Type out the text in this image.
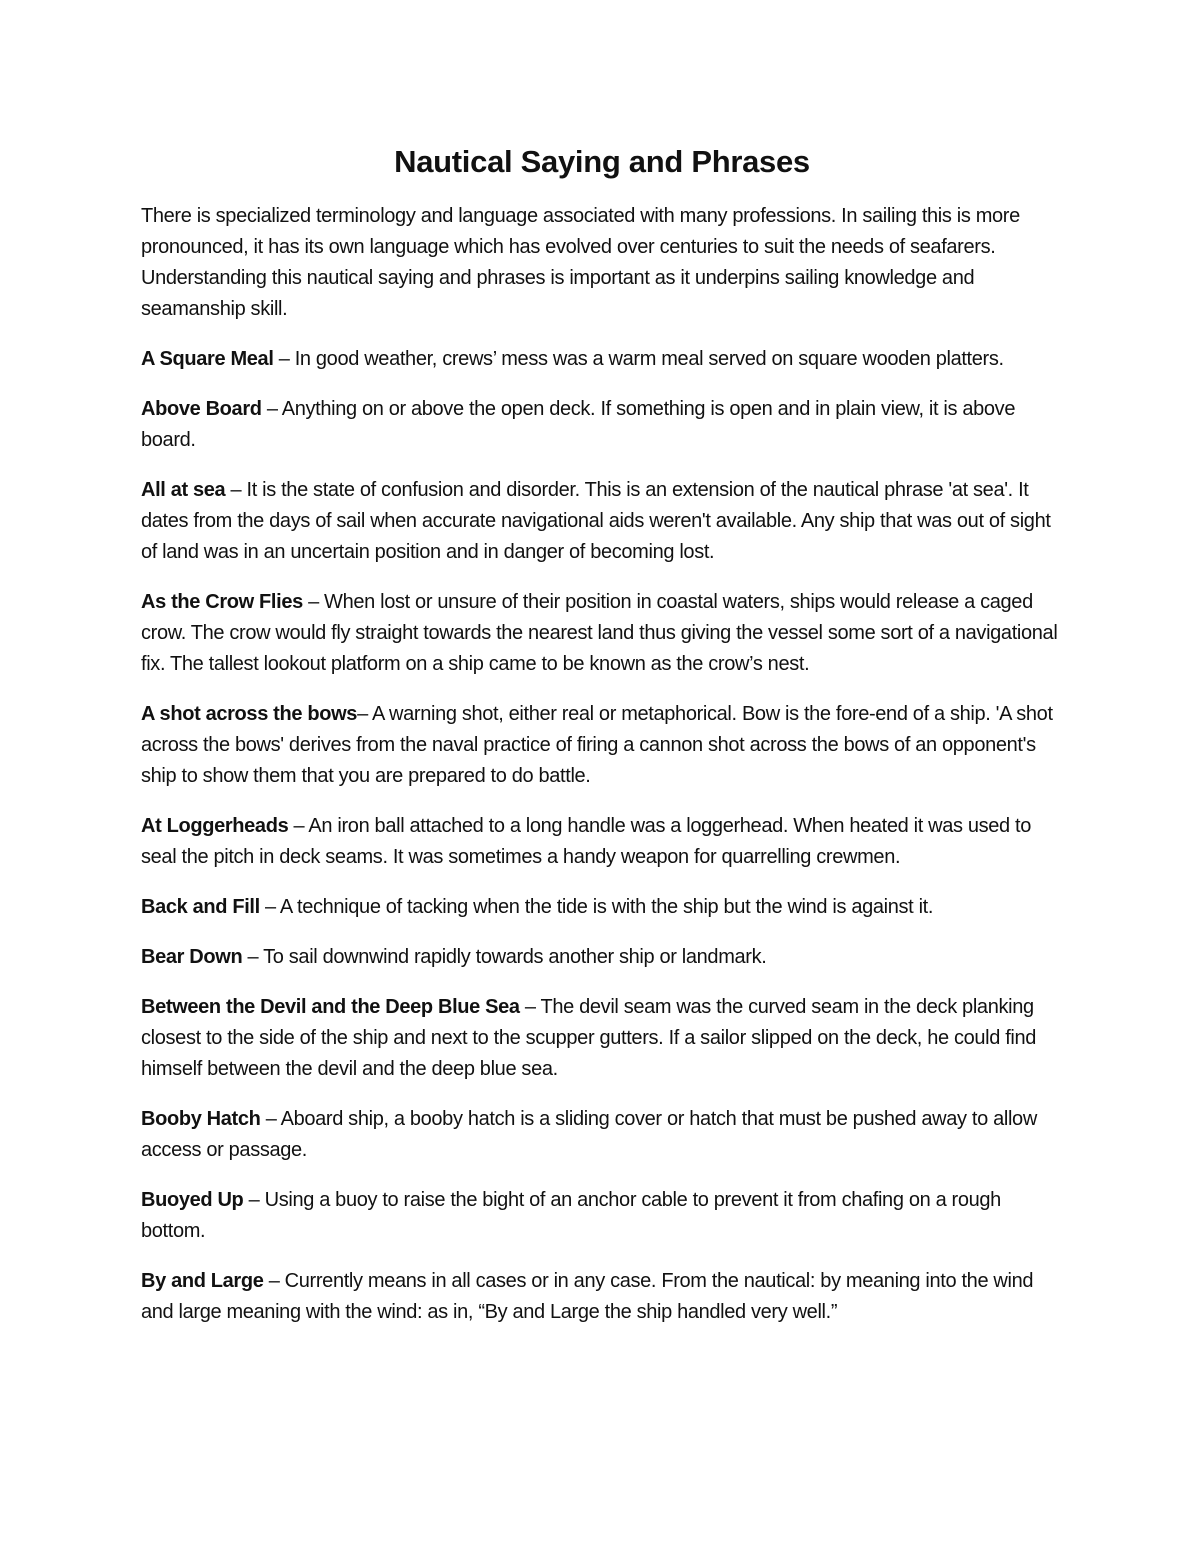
Nautical Saying and Phrases

There is specialized terminology and language associated with many professions. In sailing this is more pronounced, it has its own language which has evolved over centuries to suit the needs of seafarers. Understanding this nautical saying and phrases is important as it underpins sailing knowledge and seamanship skill.

A Square Meal – In good weather, crews’ mess was a warm meal served on square wooden platters.

Above Board – Anything on or above the open deck. If something is open and in plain view, it is above board.

All at sea – It is the state of confusion and disorder. This is an extension of the nautical phrase 'at sea'. It dates from the days of sail when accurate navigational aids weren't available. Any ship that was out of sight of land was in an uncertain position and in danger of becoming lost.

As the Crow Flies – When lost or unsure of their position in coastal waters, ships would release a caged crow. The crow would fly straight towards the nearest land thus giving the vessel some sort of a navigational fix. The tallest lookout platform on a ship came to be known as the crow’s nest.

A shot across the bows– A warning shot, either real or metaphorical. Bow is the fore-end of a ship. 'A shot across the bows' derives from the naval practice of firing a cannon shot across the bows of an opponent's ship to show them that you are prepared to do battle.

At Loggerheads – An iron ball attached to a long handle was a loggerhead. When heated it was used to seal the pitch in deck seams. It was sometimes a handy weapon for quarrelling crewmen.

Back and Fill – A technique of tacking when the tide is with the ship but the wind is against it.

Bear Down – To sail downwind rapidly towards another ship or landmark.

Between the Devil and the Deep Blue Sea – The devil seam was the curved seam in the deck planking closest to the side of the ship and next to the scupper gutters. If a sailor slipped on the deck, he could find himself between the devil and the deep blue sea.

Booby Hatch – Aboard ship, a booby hatch is a sliding cover or hatch that must be pushed away to allow access or passage.

Buoyed Up – Using a buoy to raise the bight of an anchor cable to prevent it from chafing on a rough bottom.

By and Large – Currently means in all cases or in any case. From the nautical: by meaning into the wind and large meaning with the wind: as in, “By and Large the ship handled very well.”
